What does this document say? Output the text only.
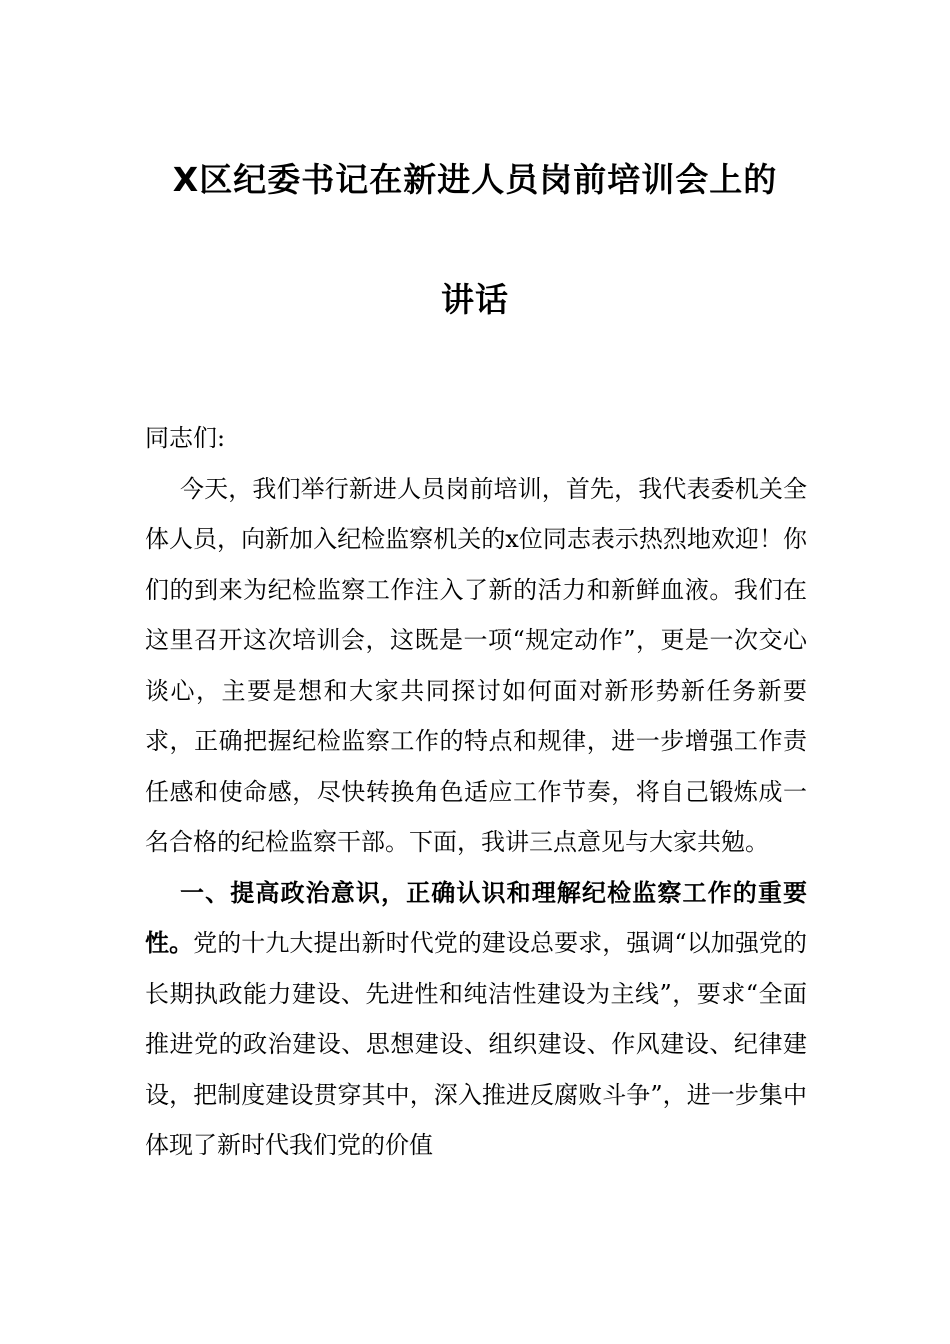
X区纪委书记在新进人员岗前培训会上的
讲话

同志们:

今天，我们举行新进人员岗前培训，首先，我代表委机关全体人员，向新加入纪检监察机关的x位同志表示热烈地欢迎！你们的到来为纪检监察工作注入了新的活力和新鲜血液。我们在这里召开这次培训会，这既是一项“规定动作”，更是一次交心谈心，主要是想和大家共同探讨如何面对新形势新任务新要求，正确把握纪检监察工作的特点和规律，进一步增强工作责任感和使命感，尽快转换角色适应工作节奏，将自己锻炼成一名合格的纪检监察干部。下面，我讲三点意见与大家共勉。

一、提高政治意识，正确认识和理解纪检监察工作的重要性。党的十九大提出新时代党的建设总要求，强调“以加强党的长期执政能力建设、先进性和纯洁性建设为主线”，要求“全面推进党的政治建设、思想建设、组织建设、作风建设、纪律建设，把制度建设贯穿其中，深入推进反腐败斗争”，进一步集中体现了新时代我们党的价值
